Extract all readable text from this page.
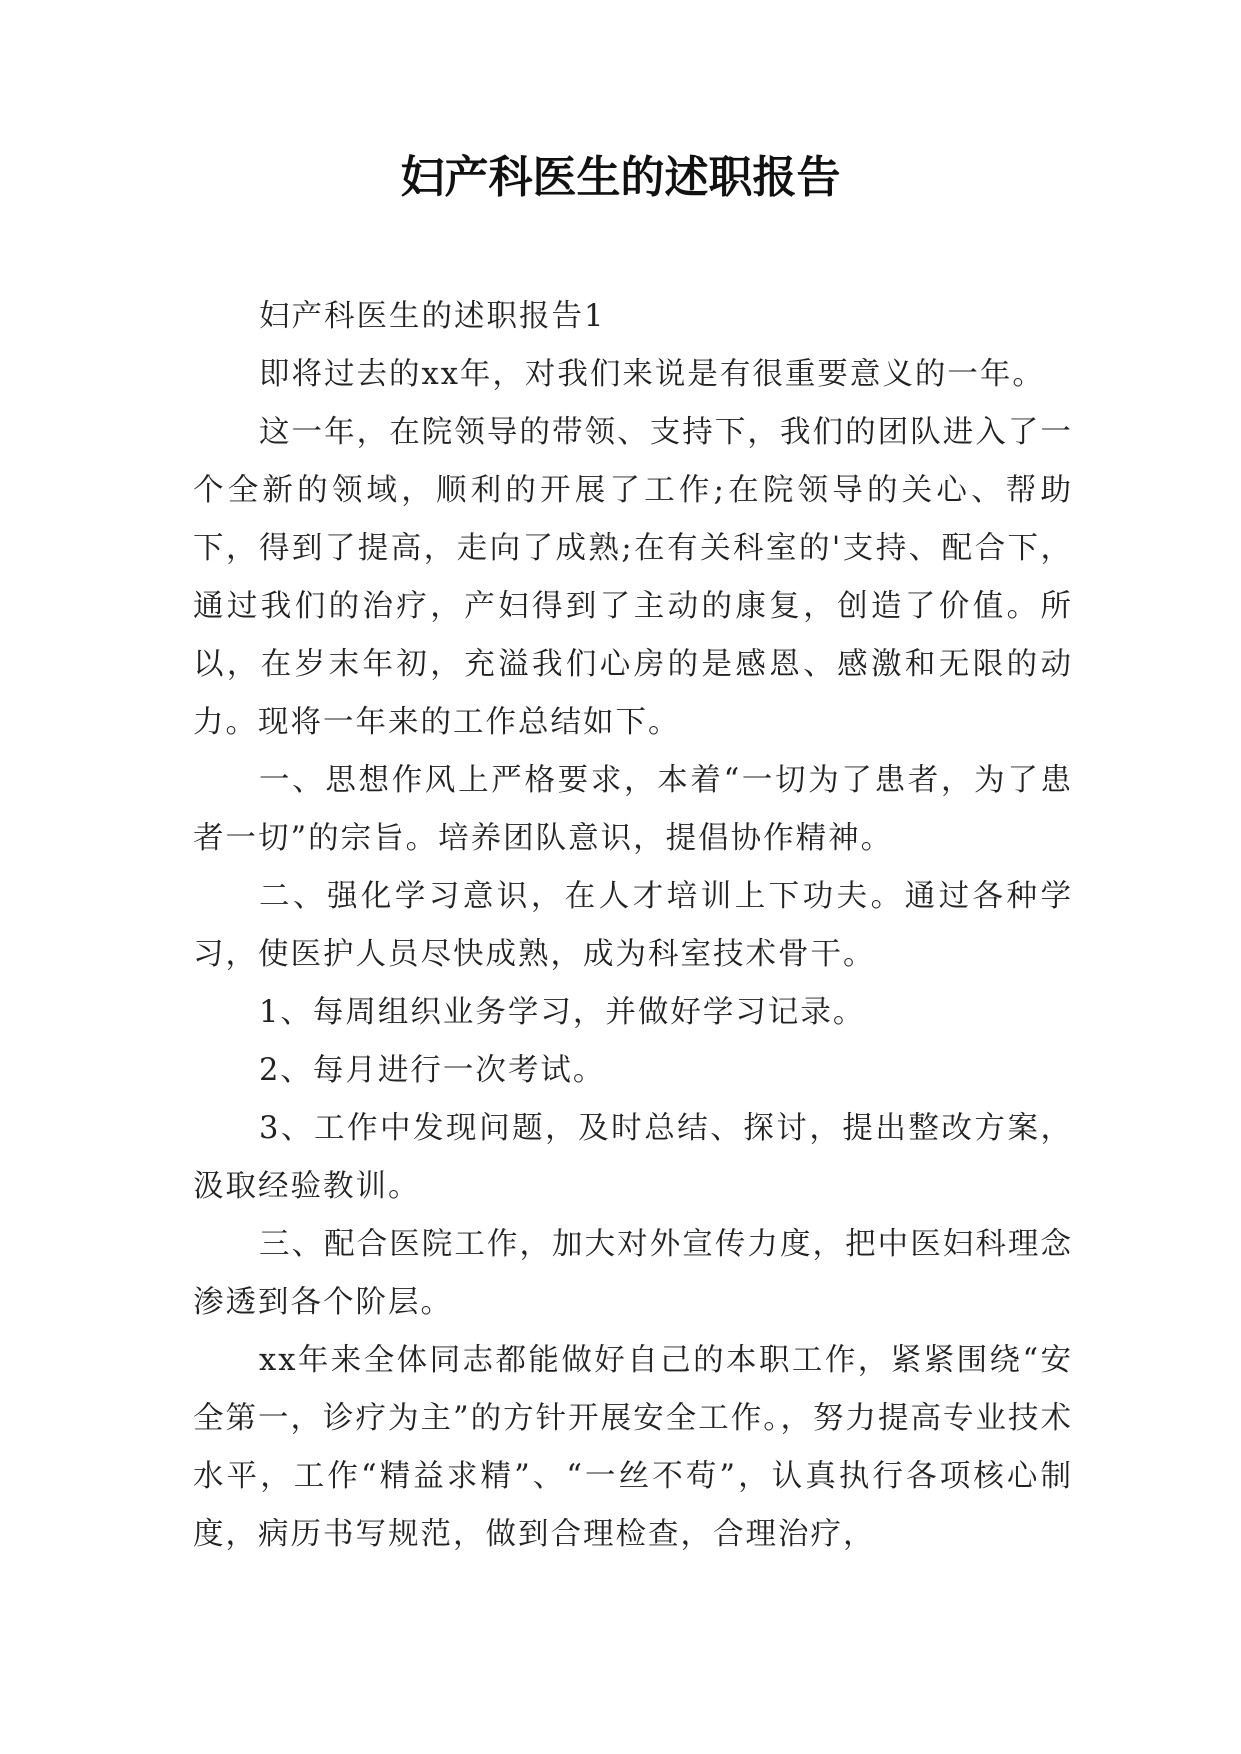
妇产科医生的述职报告

妇产科医生的述职报告1

即将过去的xx年，对我们来说是有很重要意义的一年。

这一年，在院领导的带领、支持下，我们的团队进入了一个全新的领域，顺利的开展了工作;在院领导的关心、帮助下，得到了提高，走向了成熟;在有关科室的'支持、配合下，通过我们的治疗，产妇得到了主动的康复，创造了价值。所以，在岁末年初，充溢我们心房的是感恩、感激和无限的动力。现将一年来的工作总结如下。

一、思想作风上严格要求，本着“一切为了患者，为了患者一切”的宗旨。培养团队意识，提倡协作精神。

二、强化学习意识，在人才培训上下功夫。通过各种学习，使医护人员尽快成熟，成为科室技术骨干。

1、每周组织业务学习，并做好学习记录。

2、每月进行一次考试。

3、工作中发现问题，及时总结、探讨，提出整改方案，汲取经验教训。

三、配合医院工作，加大对外宣传力度，把中医妇科理念渗透到各个阶层。

xx年来全体同志都能做好自己的本职工作，紧紧围绕“安全第一，诊疗为主”的方针开展安全工作。，努力提高专业技术水平，工作“精益求精”、“一丝不苟”，认真执行各项核心制度，病历书写规范，做到合理检查，合理治疗，
